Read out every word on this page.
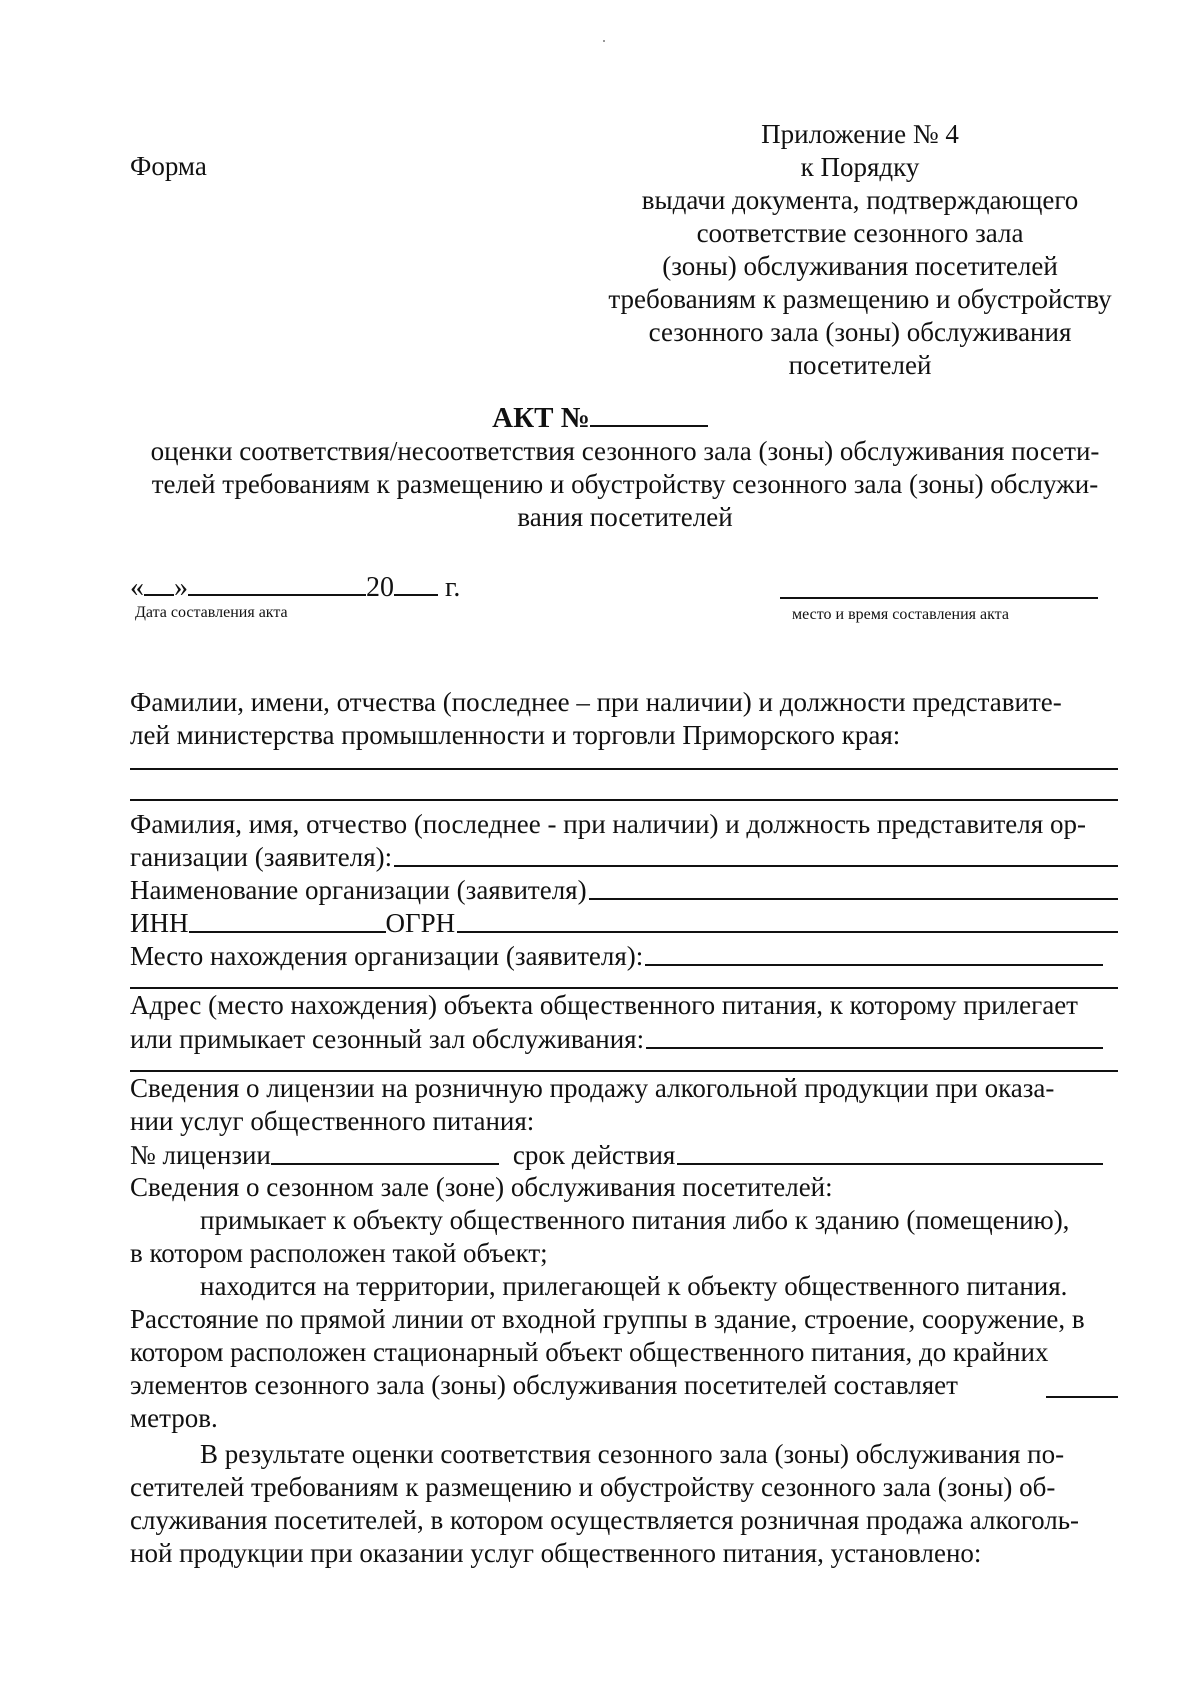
Форма
Приложение № 4
к Порядку
выдачи документа, подтверждающего
соответствие сезонного зала
(зоны) обслуживания посетителей
требованиям к размещению и обустройству
сезонного зала (зоны) обслуживания
посетителей
АКТ №
оценки соответствия/несоответствия сезонного зала (зоны) обслуживания посети-
телей требованиям к размещению и обустройству сезонного зала (зоны) обслужи-
вания посетителей
« »	20 г.
Дата составления акта	место и время составления акта
Фамилии, имени, отчества (последнее – при наличии) и должности представите-
лей министерства промышленности и торговли Приморского края:
Фамилия, имя, отчество (последнее - при наличии) и должность представителя ор-
ганизации (заявителя):
Наименование организации (заявителя)
ИНН	ОГРН
Место нахождения организации (заявителя):
Адрес (место нахождения) объекта общественного питания, к которому прилегает
или примыкает сезонный зал обслуживания:
Сведения о лицензии на розничную продажу алкогольной продукции при оказа-
нии услуг общественного питания:
№ лицензии	срок действия
Сведения о сезонном зале (зоне) обслуживания посетителей:
примыкает к объекту общественного питания либо к зданию (помещению),
в котором расположен такой объект;
находится на территории, прилегающей к объекту общественного питания.
Расстояние по прямой линии от входной группы в здание, строение, сооружение, в
котором расположен стационарный объект общественного питания, до крайних
элементов сезонного зала (зоны) обслуживания посетителей составляет
метров.
В результате оценки соответствия сезонного зала (зоны) обслуживания по-
сетителей требованиям к размещению и обустройству сезонного зала (зоны) об-
служивания посетителей, в котором осуществляется розничная продажа алкоголь-
ной продукции при оказании услуг общественного питания, установлено:
